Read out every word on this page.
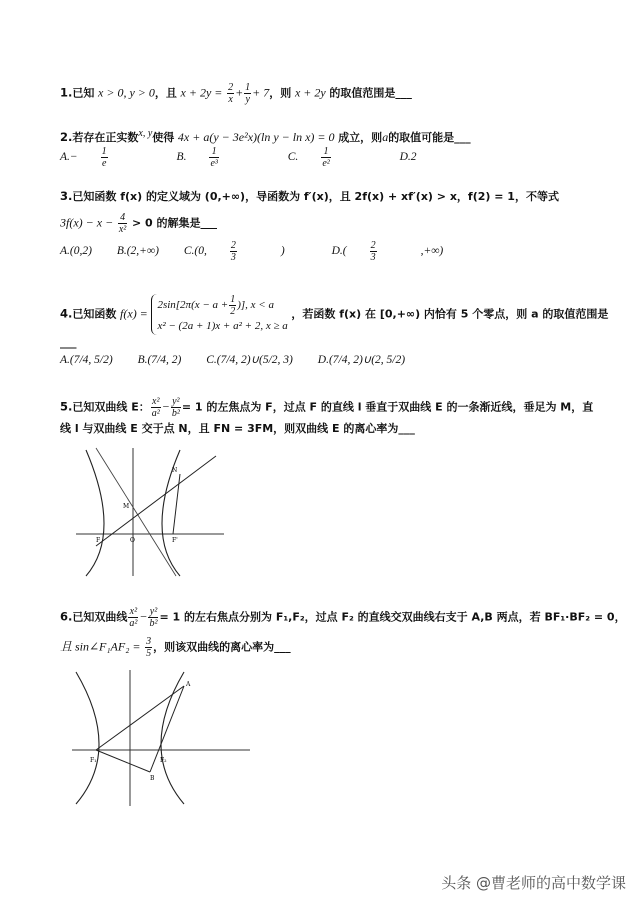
1.已知 x > 0, y > 0，且 $x + 2y = \frac{2}{x} + \frac{1}{y} + 7$，则 x + 2y 的取值范围是___
2.若存在正实数$^{x, y}$使得 4x + a(y − 3e²x)(ln y − ln x) = 0 成立，则a的取值可能是___
$A.- \frac{1}{e}$	B. $\frac{1}{\text{e³}}$	C. $\frac{1}{\text{e²}}$	D.2
3.已知函数 f(x) 的定义域为 (0,+∞)，导函数为 f′(x)，且 2f(x) + xf′(x) > x，f(2) = 1，不等式
$3f(x) - x - \frac{4}{\text{x²}} > 0$ 的解集是___
A.(0,2) B.(2,+∞) C.(0, $\frac{2}{3}$ )	$D.( \frac{2}{3}$ ,+∞)
4.已知函数 f(x) =
$2\sin[2\pi(x - a + \frac{1}{2}$ )], x < a
x² − (2a + 1)x + a² + 2, x ≥ a
，若函数 f(x) 在 [0,+∞) 内恰有 5 个零点，则 a 的取值范围是
___
A.(7/4, 5/2) B.(7/4, 2) C.(7/4, 2)∪(5/2, 3) D.(7/4, 2)∪(2, 5/2)
5.已知双曲线 E： $\frac{\text{x²}}{\text{a²}} - \frac{\text{y²}}{\text{b²}} = 1$ 的左焦点为 F，过点 F 的直线 l 垂直于双曲线 E 的一条渐近线，垂足为 M，直
线 l 与双曲线 E 交于点 N，且 FN = 3FM，则双曲线 E 的离心率为___
F	O	F'
M
N
6.已知双曲线 $\frac{\text{x²}}{\text{a²}} - \frac{\text{y²}}{\text{b²}} = 1$ 的左右焦点分别为 F₁,F₂，过点 F₂ 的直线交双曲线右支于 A,B 两点，若 BF₁·BF₂ = 0，
且 sin∠F₁AF₂ = $\frac{3}{5}$ ，则该双曲线的离心率为___
F₁	F₂
A
B
头条 @曹老师的高中数学课
